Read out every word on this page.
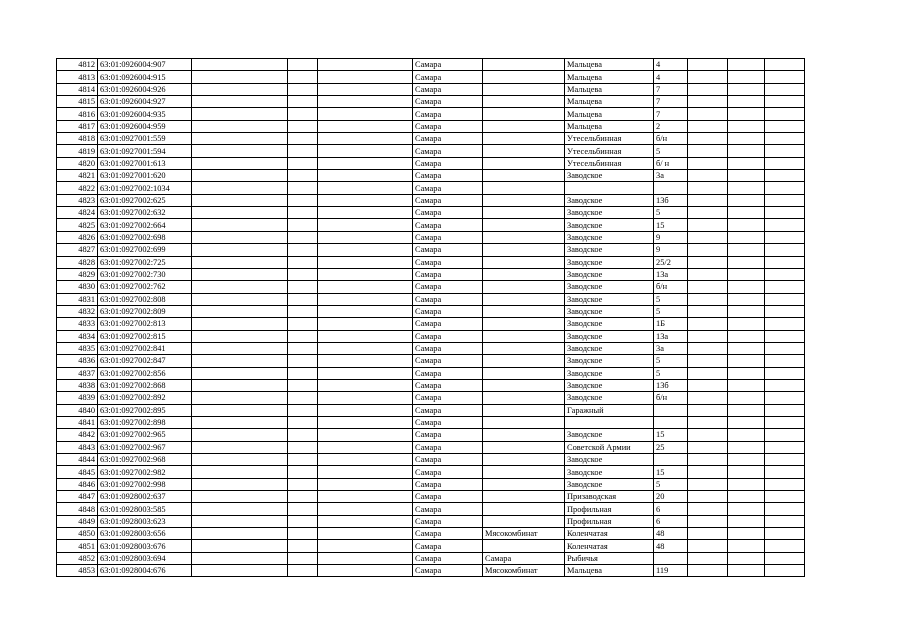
4812	63:01:0926004:907				Самара		Мальцева	4			
4813	63:01:0926004:915				Самара		Мальцева	4			
4814	63:01:0926004:926				Самара		Мальцева	7			
4815	63:01:0926004:927				Самара		Мальцева	7			
4816	63:01:0926004:935				Самара		Мальцева	7			
4817	63:01:0926004:959				Самара		Мальцева	2			
4818	63:01:0927001:559				Самара		Утесельбинная	б/н			
4819	63:01:0927001:594				Самара		Утесельбинная	5			
4820	63:01:0927001:613				Самара		Утесельбинная	б/ н			
4821	63:01:0927001:620				Самара		Заводское	3а			
4822	63:01:0927002:1034				Самара						
4823	63:01:0927002:625				Самара		Заводское	13б			
4824	63:01:0927002:632				Самара		Заводское	5			
4825	63:01:0927002:664				Самара		Заводское	15			
4826	63:01:0927002:698				Самара		Заводское	9			
4827	63:01:0927002:699				Самара		Заводское	9			
4828	63:01:0927002:725				Самара		Заводское	25/2			
4829	63:01:0927002:730				Самара		Заводское	13а			
4830	63:01:0927002:762				Самара		Заводское	б/н			
4831	63:01:0927002:808				Самара		Заводское	5			
4832	63:01:0927002:809				Самара		Заводское	5			
4833	63:01:0927002:813				Самара		Заводское	1Б			
4834	63:01:0927002:815				Самара		Заводское	13а			
4835	63:01:0927002:841				Самара		Заводское	3а			
4836	63:01:0927002:847				Самара		Заводское	5			
4837	63:01:0927002:856				Самара		Заводское	5			
4838	63:01:0927002:868				Самара		Заводское	13б			
4839	63:01:0927002:892				Самара		Заводское	б/н			
4840	63:01:0927002:895				Самара		Гаражный				
4841	63:01:0927002:898				Самара						
4842	63:01:0927002:965				Самара		Заводское	15			
4843	63:01:0927002:967				Самара		Советской Армии	25			
4844	63:01:0927002:968				Самара		Заводское				
4845	63:01:0927002:982				Самара		Заводское	15			
4846	63:01:0927002:998				Самара		Заводское	5			
4847	63:01:0928002:637				Самара		Призаводская	20			
4848	63:01:0928003:585				Самара		Профильная	6			
4849	63:01:0928003:623				Самара		Профильная	6			
4850	63:01:0928003:656				Самара	Мясокомбинат	Коленчатая	48			
4851	63:01:0928003:676				Самара		Коленчатая	48			
4852	63:01:0928003:694				Самара	Самара	Рыбичья				
4853	63:01:0928004:676				Самара	Мясокомбинат	Мальцева	119			
